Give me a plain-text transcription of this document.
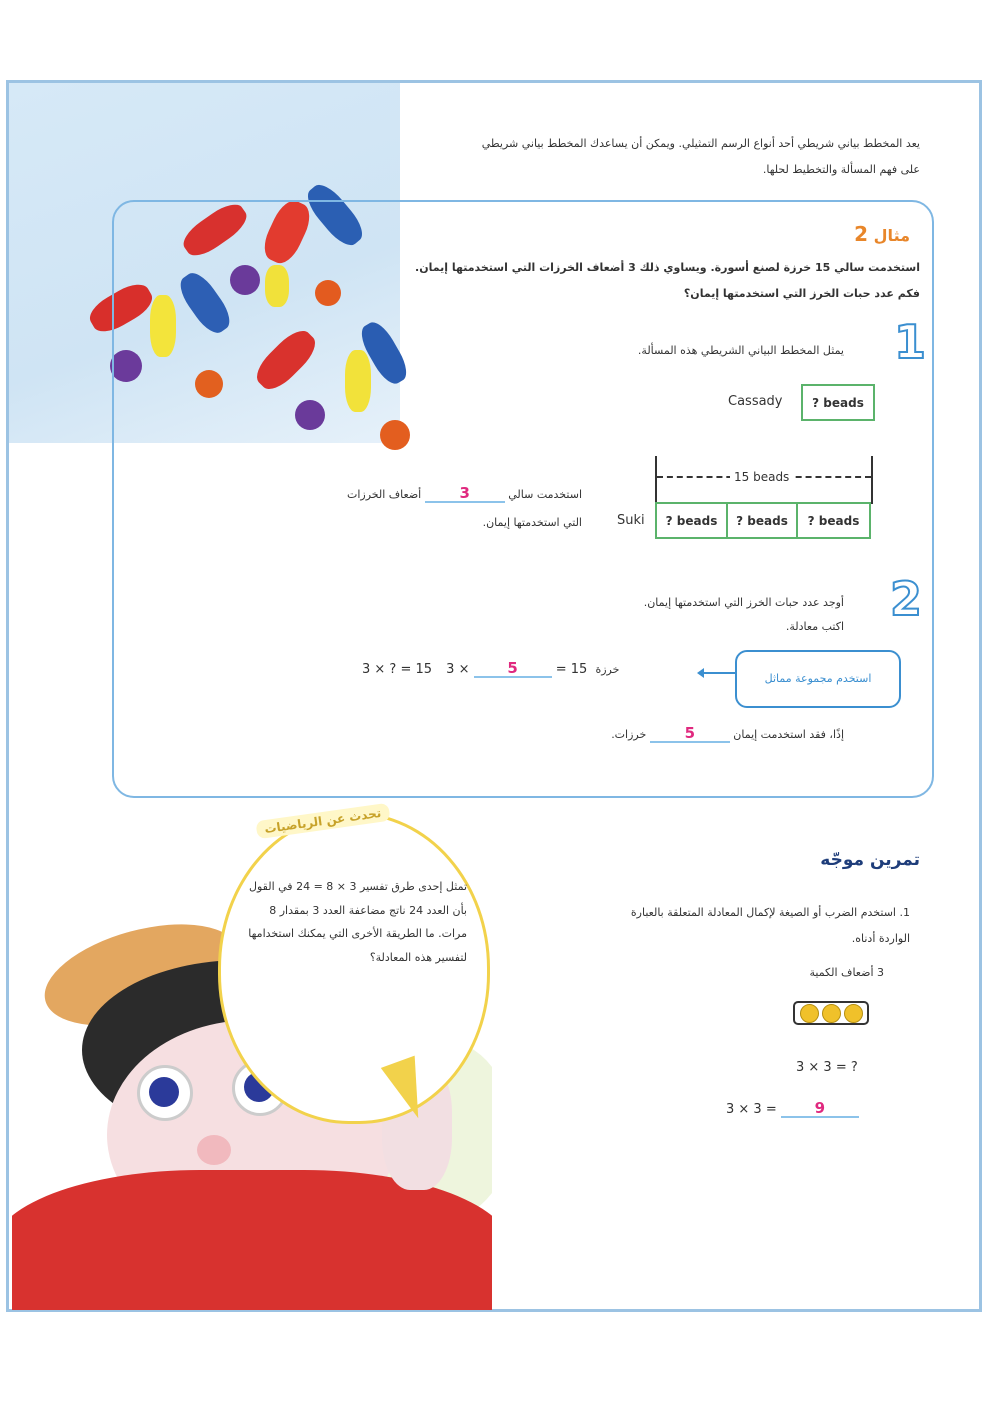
يعد المخطط بياني شريطي أحد أنواع الرسم التمثيلي. ويمكن أن يساعدك المخطط بياني شريطي
على فهم المسألة والتخطيط لحلها.
مثال 2
استخدمت سالي 15 خرزة لصنع أسورة. ويساوي ذلك 3 أضعاف الخرزات التي استخدمتها إيمان.
فكم عدد حبات الخرز التي استخدمتها إيمان؟
1
يمثل المخطط البياني الشريطي هذه المسألة.
Cassady	? beads
15 beads
Suki	? beads	? beads	? beads
استخدمت سالي 3 أضعاف الخرزات
التي استخدمتها إيمان.
2
أوجد عدد حبات الخرز التي استخدمتها إيمان.
اكتب معادلة.
3 × ? = 15 3 ×	5	= 15 خرزة
استخدم مجموعة مماثل
إذًا، فقد استخدمت إيمان 5 خرزات.
تحدث عن الرياضيات
تمثل إحدى طرق تفسير 3 × 8 = 24 في القول بأن العدد 24 ناتج مضاعفة العدد 3 بمقدار 8 مرات. ما الطريقة الأخرى التي يمكنك استخدامها لتفسير هذه المعادلة؟
تمرين موجّه
1. استخدم الضرب أو الصيغة لإكمال المعادلة المتعلقة بالعبارة
الواردة أدناه.
3 أضعاف الكمية
3 × 3 = ?
3 × 3 =	9
